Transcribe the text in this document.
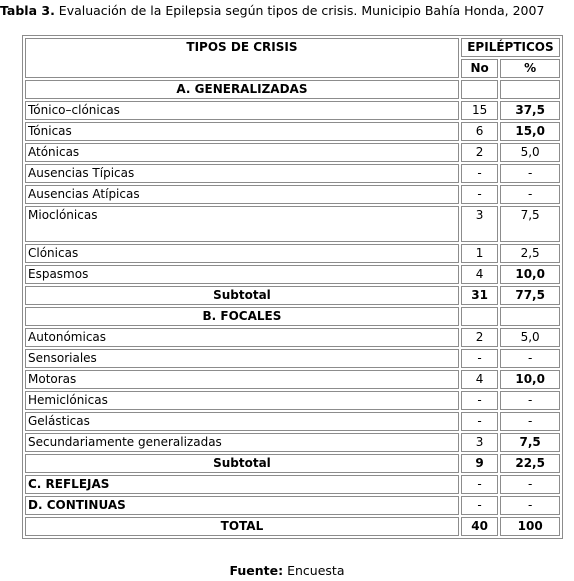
Tabla 3. Evaluación de la Epilepsia según tipos de crisis. Municipio Bahía Honda, 2007
TIPOS DE CRISIS	EPILÉPTICOS	
	No	%
A. GENERALIZADAS		
Tónico–clónicas	15	37,5
Tónicas	6	15,0
Atónicas	2	5,0
Ausencias Típicas	-	-
Ausencias Atípicas	-	-
Mioclónicas	3	7,5
Clónicas	1	2,5
Espasmos	4	10,0
Subtotal	31	77,5
B. FOCALES		
Autonómicas	2	5,0
Sensoriales	-	-
Motoras	4	10,0
Hemiclónicas	-	-
Gelásticas	-	-
Secundariamente generalizadas	3	7,5
Subtotal	9	22,5
C. REFLEJAS	-	-
D. CONTINUAS	-	-
TOTAL	40	100
Fuente: Encuesta
